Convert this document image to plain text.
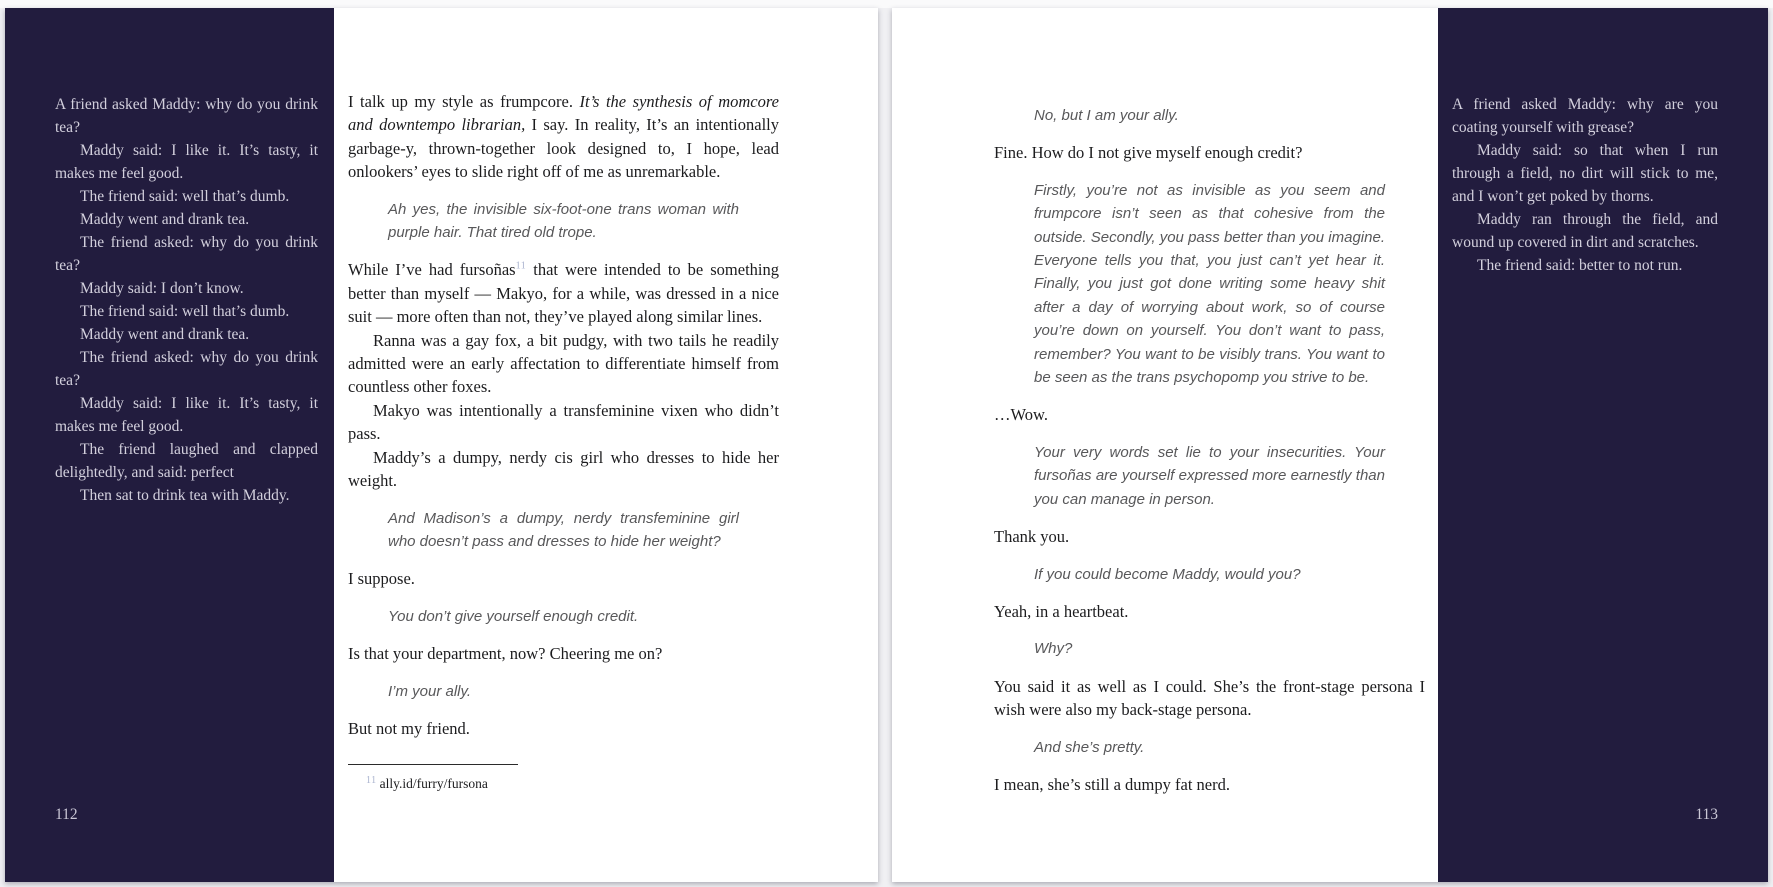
A friend asked Maddy: why do you drink tea?

Maddy said: I like it. It’s tasty, it makes me feel good.

The friend said: well that’s dumb.

Maddy went and drank tea.

The friend asked: why do you drink tea?

Maddy said: I don’t know.

The friend said: well that’s dumb.

Maddy went and drank tea.

The friend asked: why do you drink tea?

Maddy said: I like it. It’s tasty, it makes me feel good.

The friend laughed and clapped delightedly, and said: perfect

Then sat to drink tea with Maddy.

112

I talk up my style as frumpcore. It’s the synthesis of momcore and downtempo librarian, I say. In reality, It’s an intentionally garbage-y, thrown-together look designed to, I hope, lead onlookers’ eyes to slide right off of me as unremarkable.

Ah yes, the invisible six-foot-one trans woman with purple hair. That tired old trope.

While I’ve had fursoñas$^{11}$ that were intended to be something better than myself — Makyo, for a while, was dressed in a nice suit — more often than not, they’ve played along similar lines.

Ranna was a gay fox, a bit pudgy, with two tails he readily admitted were an early affectation to differentiate himself from countless other foxes.

Makyo was intentionally a transfeminine vixen who didn’t pass.

Maddy’s a dumpy, nerdy cis girl who dresses to hide her weight.

And Madison’s a dumpy, nerdy transfeminine girl who doesn’t pass and dresses to hide her weight?

I suppose.

You don’t give yourself enough credit.

Is that your department, now? Cheering me on?

I’m your ally.

But not my friend.

$^{11}$ ally.id/furry/fursona
No, but I am your ally.

Fine. How do I not give myself enough credit?

Firstly, you’re not as invisible as you seem and frumpcore isn’t seen as that cohesive from the outside. Secondly, you pass better than you imagine. Everyone tells you that, you just can’t yet hear it. Finally, you just got done writing some heavy shit after a day of worrying about work, so of course you’re down on yourself. You don’t want to pass, remember? You want to be visibly trans. You want to be seen as the trans psychopomp you strive to be.

…Wow.

Your very words set lie to your insecurities. Your fursoñas are yourself expressed more earnestly than you can manage in person.

Thank you.

If you could become Maddy, would you?

Yeah, in a heartbeat.

Why?

You said it as well as I could. She’s the front-stage persona I wish were also my back-stage persona.

And she’s pretty.

I mean, she’s still a dumpy fat nerd.

A friend asked Maddy: why are you coating yourself with grease?

Maddy said: so that when I run through a field, no dirt will stick to me, and I won’t get poked by thorns.

Maddy ran through the field, and wound up covered in dirt and scratches.

The friend said: better to not run.

113
